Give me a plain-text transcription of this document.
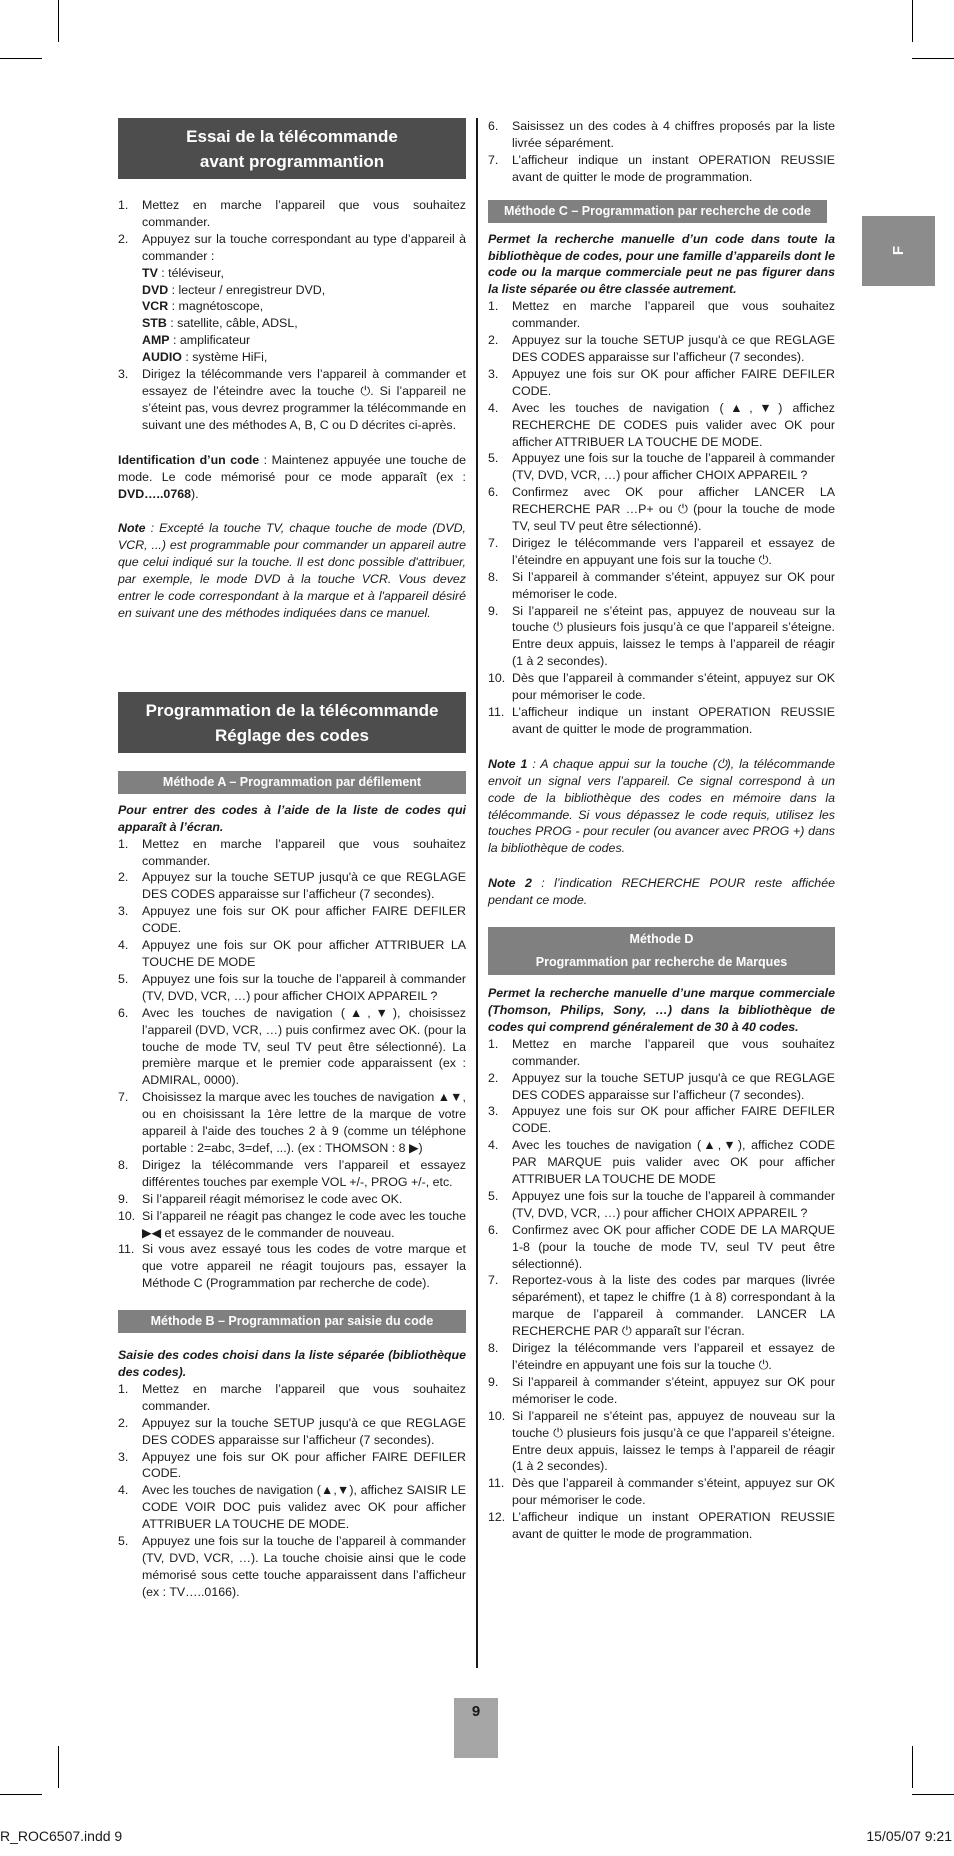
F
Essai de la télécommande
avant programmantion
1. Mettez en marche l’appareil que vous souhaitez commander.
2. Appuyez sur la touche correspondant au type d’appareil à commander :
TV : téléviseur,
DVD : lecteur / enregistreur DVD,
VCR : magnétoscope,
STB : satellite, câble, ADSL,
AMP : amplificateur
AUDIO : système HiFi,
3. Dirigez la télécommande vers l’appareil à commander et essayez de l’éteindre avec la touche ⏻. Si l’appareil ne s’éteint pas, vous devrez programmer la télécommande en suivant une des méthodes A, B, C ou D décrites ci-après.

Identification d’un code : Maintenez appuyée une touche de mode. Le code mémorisé pour ce mode apparaît (ex : DVD…..0768).

Note : Excepté la touche TV, chaque touche de mode (DVD, VCR, ...) est programmable pour commander un appareil autre que celui indiqué sur la touche. Il est donc possible d'attribuer, par exemple, le mode DVD à la touche VCR. Vous devez entrer le code correspondant à la marque et à l'appareil désiré en suivant une des méthodes indiquées dans ce manuel.

Programmation de la télécommande
Réglage des codes
Méthode A – Programmation par défilement

Pour entrer des codes à l’aide de la liste de codes qui apparaît à l’écran.

1. Mettez en marche l’appareil que vous souhaitez commander.
2. Appuyez sur la touche SETUP jusqu'à ce que REGLAGE DES CODES apparaisse sur l’afficheur (7 secondes).
3. Appuyez une fois sur OK pour afficher FAIRE DEFILER CODE.
4. Appuyez une fois sur OK pour afficher ATTRIBUER LA TOUCHE DE MODE
5. Appuyez une fois sur la touche de l’appareil à commander (TV, DVD, VCR, …) pour afficher CHOIX APPAREIL ?
6. Avec les touches de navigation (▲,▼), choisissez l’appareil (DVD, VCR, …) puis confirmez avec OK. (pour la touche de mode TV, seul TV peut être sélectionné). La première marque et le premier code apparaissent (ex : ADMIRAL, 0000).
7. Choisissez la marque avec les touches de navigation ▲▼, ou en choisissant la 1ère lettre de la marque de votre appareil à l'aide des touches 2 à 9 (comme un téléphone portable : 2=abc, 3=def, ...). (ex : THOMSON : 8 ▶)
8. Dirigez la télécommande vers l’appareil et essayez différentes touches par exemple VOL +/-, PROG +/-, etc.
9. Si l’appareil réagit mémorisez le code avec OK.
10. Si l’appareil ne réagit pas changez le code avec les touche ▶◀ et essayez de le commander de nouveau.
11. Si vous avez essayé tous les codes de votre marque et que votre appareil ne réagit toujours pas, essayer la Méthode C (Programmation par recherche de code).
Méthode B – Programmation par saisie du code

Saisie des codes choisi dans la liste séparée (bibliothèque des codes).

1. Mettez en marche l’appareil que vous souhaitez commander.
2. Appuyez sur la touche SETUP jusqu'à ce que REGLAGE DES CODES apparaisse sur l’afficheur (7 secondes).
3. Appuyez une fois sur OK pour afficher FAIRE DEFILER CODE.
4. Avec les touches de navigation (▲,▼), affichez SAISIR LE CODE VOIR DOC puis validez avec OK pour afficher ATTRIBUER LA TOUCHE DE MODE.
5. Appuyez une fois sur la touche de l’appareil à commander (TV, DVD, VCR, …). La touche choisie ainsi que le code mémorisé sous cette touche apparaissent dans l’afficheur (ex : TV…..0166).
6. Saisissez un des codes à 4 chiffres proposés par la liste livrée séparément.
7. L’afficheur indique un instant OPERATION REUSSIE avant de quitter le mode de programmation.
Méthode C – Programmation par recherche de code

Permet la recherche manuelle d’un code dans toute la bibliothèque de codes, pour une famille d’appareils dont le code ou la marque commerciale peut ne pas figurer dans la liste séparée ou être classée autrement.

1. Mettez en marche l’appareil que vous souhaitez commander.
2. Appuyez sur la touche SETUP jusqu'à ce que REGLAGE DES CODES apparaisse sur l’afficheur (7 secondes).
3. Appuyez une fois sur OK pour afficher FAIRE DEFILER CODE.
4. Avec les touches de navigation (▲,▼) affichez RECHERCHE DE CODES puis valider avec OK pour afficher ATTRIBUER LA TOUCHE DE MODE.
5. Appuyez une fois sur la touche de l’appareil à commander (TV, DVD, VCR, …) pour afficher CHOIX APPAREIL ?
6. Confirmez avec OK pour afficher LANCER LA RECHERCHE PAR …P+ ou ⏻ (pour la touche de mode TV, seul TV peut être sélectionné).
7. Dirigez le télécommande vers l’appareil et essayez de l’éteindre en appuyant une fois sur la touche ⏻.
8. Si l’appareil à commander s’éteint, appuyez sur OK pour mémoriser le code.
9. Si l’appareil ne s’éteint pas, appuyez de nouveau sur la touche ⏻ plusieurs fois jusqu’à ce que l’appareil s’éteigne. Entre deux appuis, laissez le temps à l’appareil de réagir (1 à 2 secondes).
10. Dès que l’appareil à commander s’éteint, appuyez sur OK pour mémoriser le code.
11. L’afficheur indique un instant OPERATION REUSSIE avant de quitter le mode de programmation.

Note 1 : A chaque appui sur la touche (⏻), la télécommande envoit un signal vers l’appareil. Ce signal correspond à un code de la bibliothèque des codes en mémoire dans la télécommande. Si vous dépassez le code requis, utilisez les touches PROG - pour reculer (ou avancer avec PROG +) dans la bibliothèque de codes.

Note 2 : l’indication RECHERCHE POUR reste affichée pendant ce mode.

Méthode D
Programmation par recherche de Marques

Permet la recherche manuelle d’une marque commerciale (Thomson, Philips, Sony, …) dans la bibliothèque de codes qui comprend généralement de 30 à 40 codes.

1. Mettez en marche l’appareil que vous souhaitez commander.
2. Appuyez sur la touche SETUP jusqu'à ce que REGLAGE DES CODES apparaisse sur l’afficheur (7 secondes).
3. Appuyez une fois sur OK pour afficher FAIRE DEFILER CODE.
4. Avec les touches de navigation (▲,▼), affichez CODE PAR MARQUE puis valider avec OK pour afficher ATTRIBUER LA TOUCHE DE MODE
5. Appuyez une fois sur la touche de l’appareil à commander (TV, DVD, VCR, …) pour afficher CHOIX APPAREIL ?
6. Confirmez avec OK pour afficher CODE DE LA MARQUE 1-8 (pour la touche de mode TV, seul TV peut être sélectionné).
7. Reportez-vous à la liste des codes par marques (livrée séparément), et tapez le chiffre (1 à 8) correspondant à la marque de l’appareil à commander. LANCER LA RECHERCHE PAR ⏻ apparaît sur l’écran.
8. Dirigez la télécommande vers l’appareil et essayez de l’éteindre en appuyant une fois sur la touche ⏻.
9. Si l’appareil à commander s’éteint, appuyez sur OK pour mémoriser le code.
10. Si l’appareil ne s’éteint pas, appuyez de nouveau sur la touche ⏻ plusieurs fois jusqu’à ce que l’appareil s’éteigne. Entre deux appuis, laissez le temps à l’appareil de réagir (1 à 2 secondes).
11. Dès que l’appareil à commander s’éteint, appuyez sur OK pour mémoriser le code.
12. L’afficheur indique un instant OPERATION REUSSIE avant de quitter le mode de programmation.
9
R_ROC6507.indd 9	15/05/07 9:21
